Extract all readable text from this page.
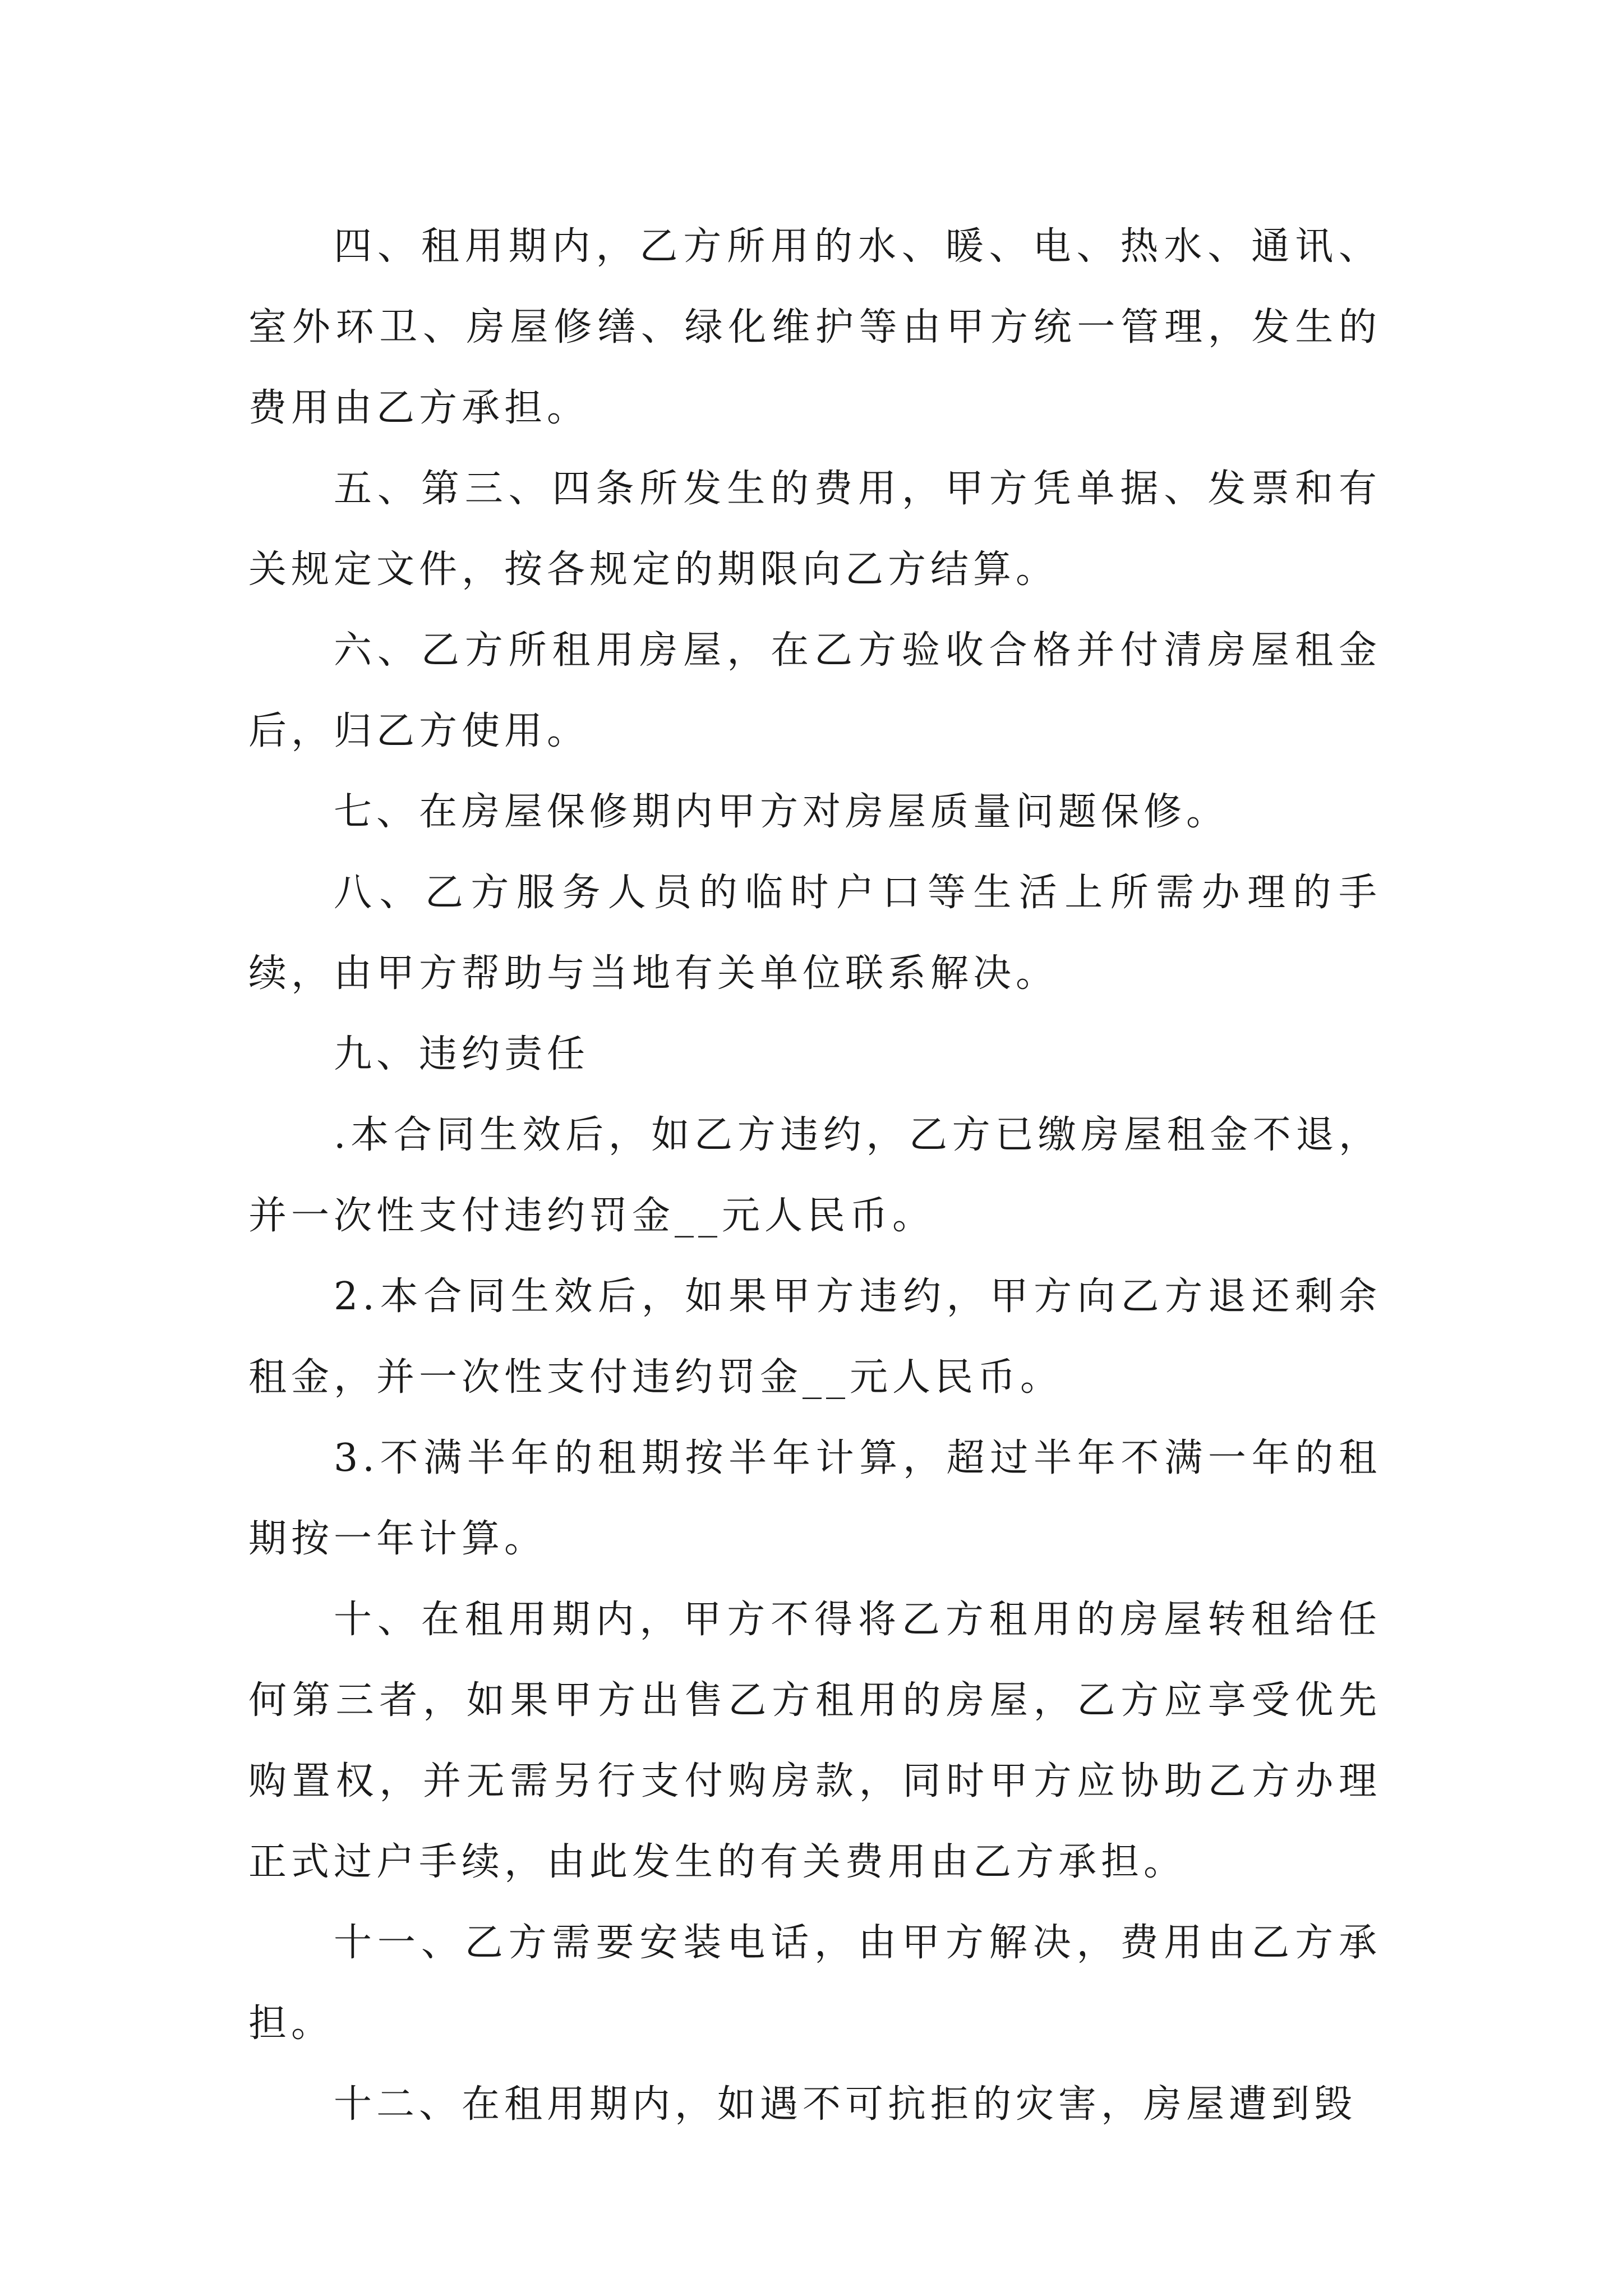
四、租用期内，乙方所用的水、暖、电、热水、通讯、室外环卫、房屋修缮、绿化维护等由甲方统一管理，发生的费用由乙方承担。

五、第三、四条所发生的费用，甲方凭单据、发票和有关规定文件，按各规定的期限向乙方结算。

六、乙方所租用房屋，在乙方验收合格并付清房屋租金后，归乙方使用。

七、在房屋保修期内甲方对房屋质量问题保修。

八、乙方服务人员的临时户口等生活上所需办理的手续，由甲方帮助与当地有关单位联系解决。

九、违约责任

.本合同生效后，如乙方违约，乙方已缴房屋租金不退，并一次性支付违约罚金__元人民币。

2.本合同生效后，如果甲方违约，甲方向乙方退还剩余租金，并一次性支付违约罚金__元人民币。

3.不满半年的租期按半年计算，超过半年不满一年的租期按一年计算。

十、在租用期内，甲方不得将乙方租用的房屋转租给任何第三者，如果甲方出售乙方租用的房屋，乙方应享受优先购置权，并无需另行支付购房款，同时甲方应协助乙方办理正式过户手续，由此发生的有关费用由乙方承担。

十一、乙方需要安装电话，由甲方解决，费用由乙方承担。

十二、在租用期内，如遇不可抗拒的灾害，房屋遭到毁
